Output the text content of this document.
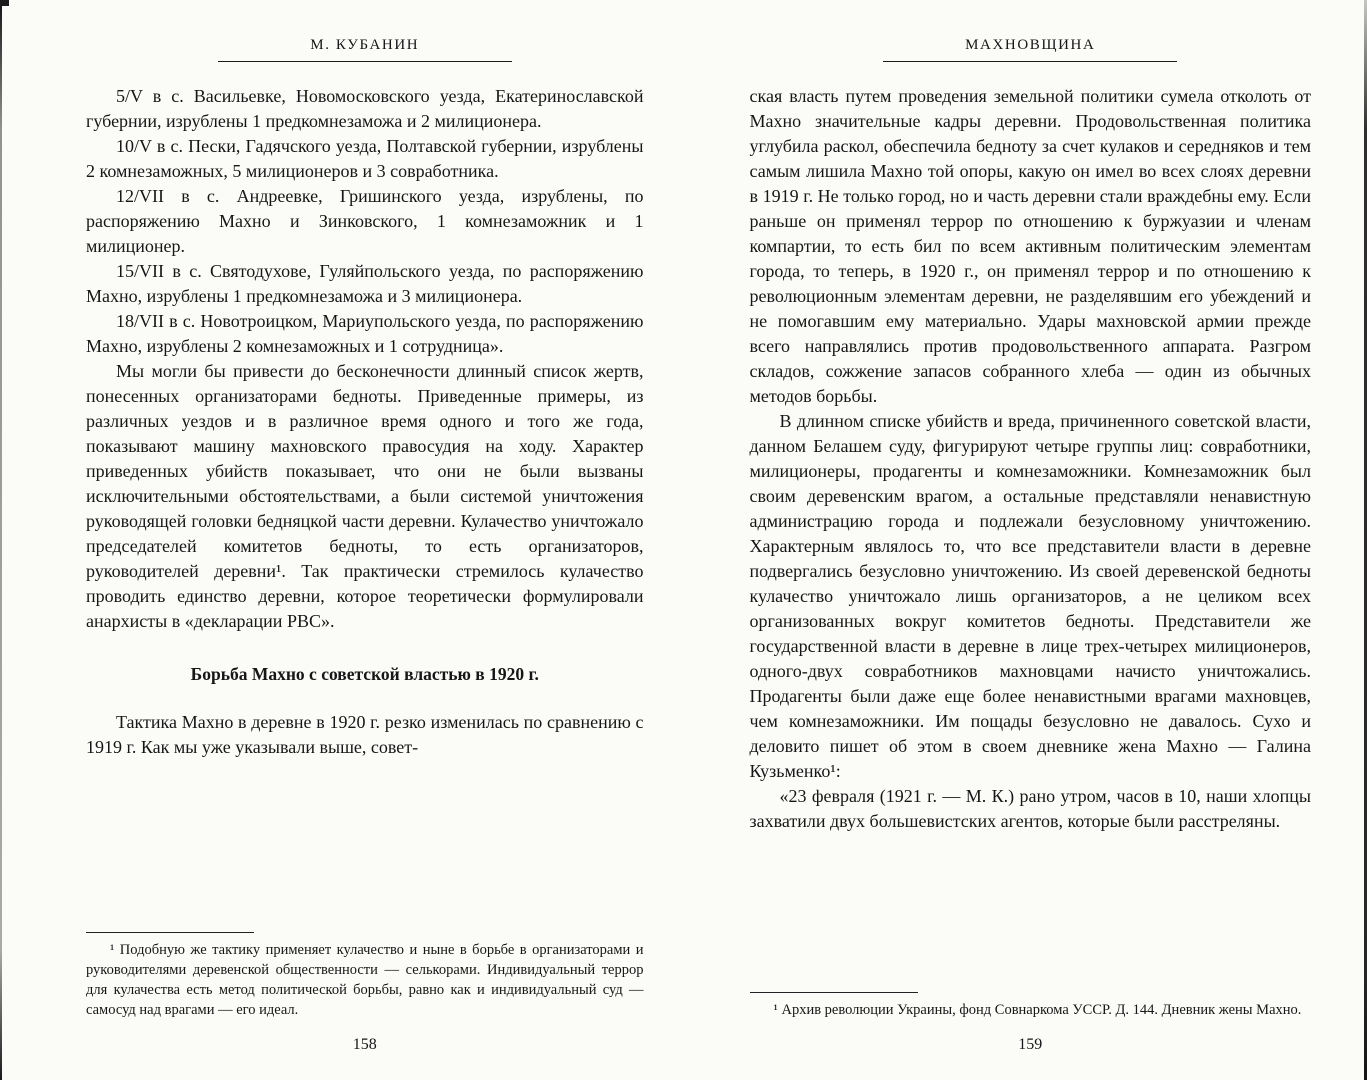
М. КУБАНИН

5/V в с. Васильевке, Новомосковского уезда, Екатеринославской губернии, изрублены 1 предкомнезаможа и 2 милиционера.

10/V в с. Пески, Гадячского уезда, Полтавской губернии, изрублены 2 комнезаможных, 5 милиционеров и 3 совработника.

12/VII в с. Андреевке, Гришинского уезда, изрублены, по распоряжению Махно и Зинковского, 1 комнезаможник и 1 милиционер.

15/VII в с. Святодухове, Гуляйпольского уезда, по распоряжению Махно, изрублены 1 предкомнезаможа и 3 милиционера.

18/VII в с. Новотроицком, Мариупольского уезда, по распоряжению Махно, изрублены 2 комнезаможных и 1 сотрудница».

Мы могли бы привести до бесконечности длинный список жертв, понесенных организаторами бедноты. Приведенные примеры, из различных уездов и в различное время одного и того же года, показывают машину махновского правосудия на ходу. Характер приведенных убийств показывает, что они не были вызваны исключительными обстоятельствами, а были системой уничтожения руководящей головки бедняцкой части деревни. Кулачество уничтожало председателей комитетов бедноты, то есть организаторов, руководителей деревни¹. Так практически стремилось кулачество проводить единство деревни, которое теоретически формулировали анархисты в «декларации РВС».

Борьба Махно с советской властью в 1920 г.

Тактика Махно в деревне в 1920 г. резко изменилась по сравнению с 1919 г. Как мы уже указывали выше, совет-

¹ Подобную же тактику применяет кулачество и ныне в борьбе в организаторами и руководителями деревенской общественности — селькорами. Индивидуальный террор для кулачества есть метод политической борьбы, равно как и индивидуальный суд — самосуд над врагами — его идеал.

158
МАХНОВЩИНА

ская власть путем проведения земельной политики сумела отколоть от Махно значительные кадры деревни. Продовольственная политика углубила раскол, обеспечила бедноту за счет кулаков и середняков и тем самым лишила Махно той опоры, какую он имел во всех слоях деревни в 1919 г. Не только город, но и часть деревни стали враждебны ему. Если раньше он применял террор по отношению к буржуазии и членам компартии, то есть бил по всем активным политическим элементам города, то теперь, в 1920 г., он применял террор и по отношению к революционным элементам деревни, не разделявшим его убеждений и не помогавшим ему материально. Удары махновской армии прежде всего направлялись против продовольственного аппарата. Разгром складов, сожжение запасов собранного хлеба — один из обычных методов борьбы.

В длинном списке убийств и вреда, причиненного советской власти, данном Белашем суду, фигурируют четыре группы лиц: совработники, милиционеры, продагенты и комнезаможники. Комнезаможник был своим деревенским врагом, а остальные представляли ненавистную администрацию города и подлежали безусловному уничтожению. Характерным являлось то, что все представители власти в деревне подвергались безусловно уничтожению. Из своей деревенской бедноты кулачество уничтожало лишь организаторов, а не целиком всех организованных вокруг комитетов бедноты. Представители же государственной власти в деревне в лице трех-четырех милиционеров, одного-двух совработников махновцами начисто уничтожались. Продагенты были даже еще более ненавистными врагами махновцев, чем комнезаможники. Им пощады безусловно не давалось. Сухо и деловито пишет об этом в своем дневнике жена Махно — Галина Кузьменко¹:

«23 февраля (1921 г. — М. К.) рано утром, часов в 10, наши хлопцы захватили двух большевистских агентов, которые были расстреляны.

¹ Архив революции Украины, фонд Совнаркома УССР. Д. 144. Дневник жены Махно.

159
